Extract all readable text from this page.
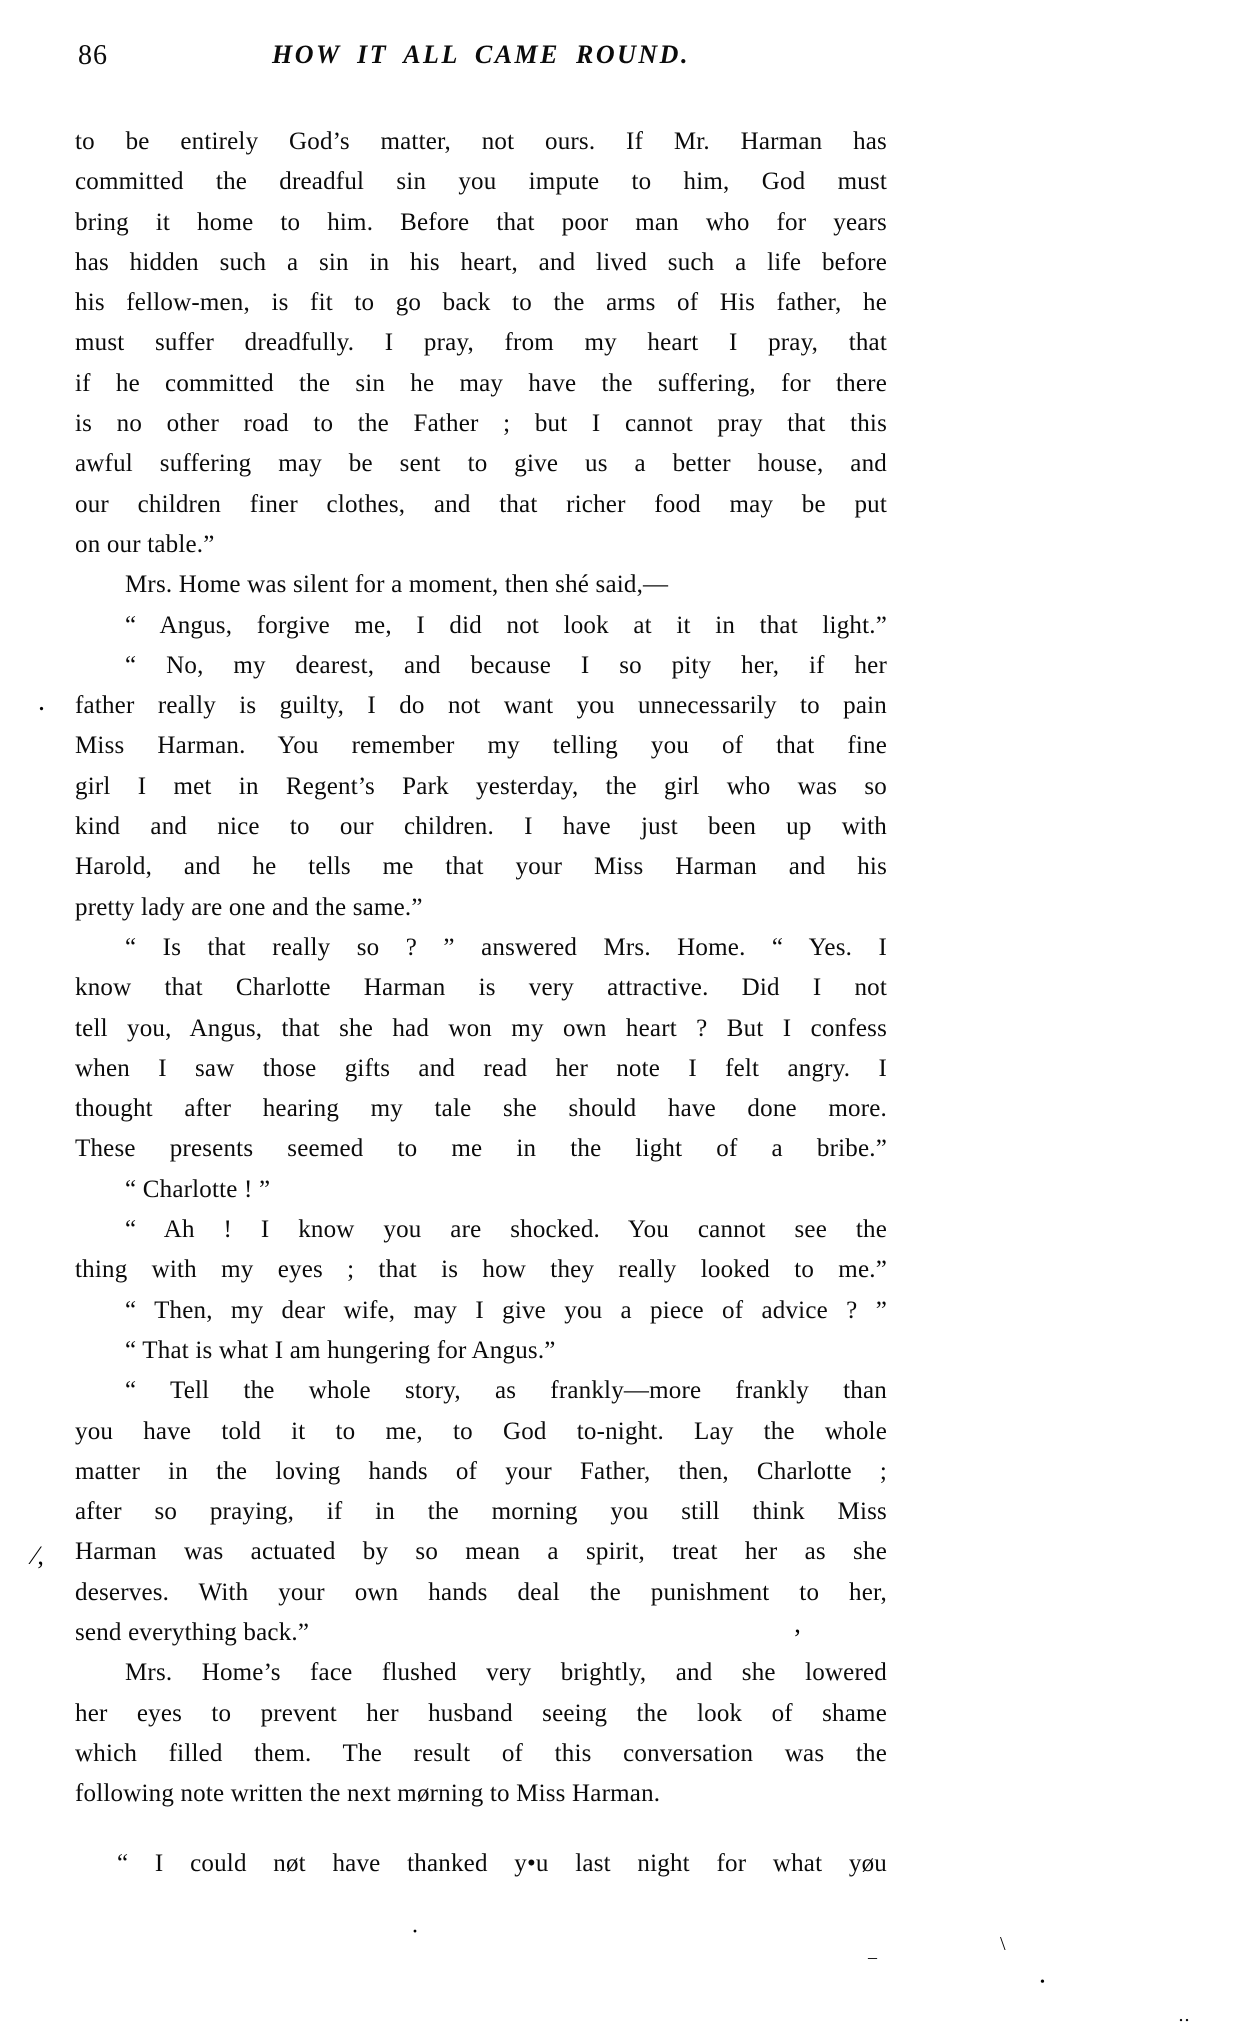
86	HOW IT ALL CAME ROUND.
to be entirely God’s matter, not ours. If Mr. Harman has
committed the dreadful sin you impute to him, God must
bring it home to him. Before that poor man who for years
has hidden such a sin in his heart, and lived such a life before
his fellow-men, is fit to go back to the arms of His father, he
must suffer dreadfully. I pray, from my heart I pray, that
if he committed the sin he may have the suffering, for there
is no other road to the Father ; but I cannot pray that this
awful suffering may be sent to give us a better house, and
our children finer clothes, and that richer food may be put
on our table.”
Mrs. Home was silent for a moment, then shé said,—
“ Angus, forgive me, I did not look at it in that light.”
“ No, my dearest, and because I so pity her, if her
father really is guilty, I do not want you unnecessarily to pain
Miss Harman. You remember my telling you of that fine
girl I met in Regent’s Park yesterday, the girl who was so
kind and nice to our children. I have just been up with
Harold, and he tells me that your Miss Harman and his
pretty lady are one and the same.”
“ Is that really so ? ” answered Mrs. Home. “ Yes. I
know that Charlotte Harman is very attractive. Did I not
tell you, Angus, that she had won my own heart ? But I confess
when I saw those gifts and read her note I felt angry. I
thought after hearing my tale she should have done more.
These presents seemed to me in the light of a bribe.”
“ Charlotte ! ”
“ Ah ! I know you are shocked. You cannot see the
thing with my eyes ; that is how they really looked to me.”
“ Then, my dear wife, may I give you a piece of advice ? ”
“ That is what I am hungering for Angus.”
“ Tell the whole story, as frankly—more frankly than
you have told it to me, to God to-night. Lay the whole
matter in the loving hands of your Father, then, Charlotte ;
after so praying, if in the morning you still think Miss
Harman was actuated by so mean a spirit, treat her as she
deserves. With your own hands deal the punishment to her,
send everything back.”
Mrs. Home’s face flushed very brightly, and she lowered
her eyes to prevent her husband seeing the look of shame
which filled them. The result of this conversation was the
following note written the next mørning to Miss Harman.
“ I could nøt have thanked y•u last night for what yøu
.
⁄,
’
·
–
\
•
‥
